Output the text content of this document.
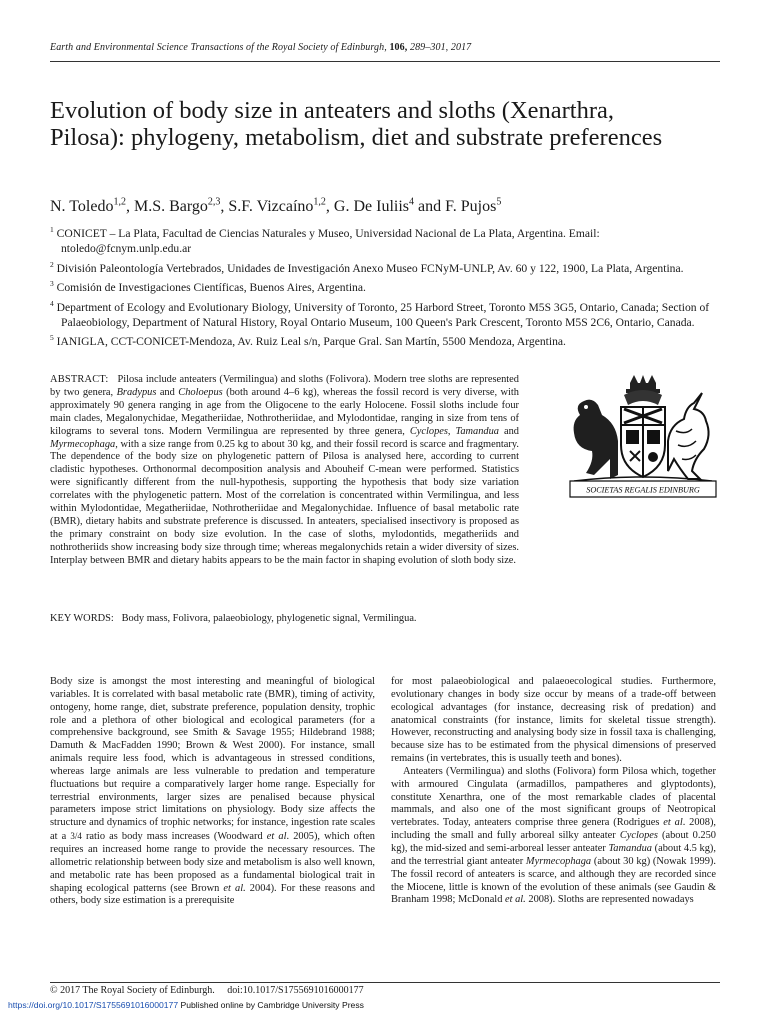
Earth and Environmental Science Transactions of the Royal Society of Edinburgh, 106, 289–301, 2017
Evolution of body size in anteaters and sloths (Xenarthra, Pilosa): phylogeny, metabolism, diet and substrate preferences
N. Toledo$^{1,2}$, M.S. Bargo$^{2,3}$, S.F. Vizcaíno$^{1,2}$, G. De Iuliis$^4$ and F. Pujos$^5$
$^1$ CONICET – La Plata, Facultad de Ciencias Naturales y Museo, Universidad Nacional de La Plata, Argentina. Email: ntoledo@fcnym.unlp.edu.ar
$^2$ División Paleontología Vertebrados, Unidades de Investigación Anexo Museo FCNyM-UNLP, Av. 60 y 122, 1900, La Plata, Argentina.
$^3$ Comisión de Investigaciones Científicas, Buenos Aires, Argentina.
$^4$ Department of Ecology and Evolutionary Biology, University of Toronto, 25 Harbord Street, Toronto M5S 3G5, Ontario, Canada; Section of Palaeobiology, Department of Natural History, Royal Ontario Museum, 100 Queen's Park Crescent, Toronto M5S 2C6, Ontario, Canada.
$^5$ IANIGLA, CCT-CONICET-Mendoza, Av. Ruiz Leal s/n, Parque Gral. San Martín, 5500 Mendoza, Argentina.
ABSTRACT: Pilosa include anteaters (Vermilingua) and sloths (Folivora). Modern tree sloths are represented by two genera, Bradypus and Choloepus (both around 4–6 kg), whereas the fossil record is very diverse, with approximately 90 genera ranging in age from the Oligocene to the early Holocene. Fossil sloths include four main clades, Megalonychidae, Megatheriidae, Nothrotheriidae, and Mylodontidae, ranging in size from tens of kilograms to several tons. Modern Vermilingua are represented by three genera, Cyclopes, Tamandua and Myrmecophaga, with a size range from 0.25 kg to about 30 kg, and their fossil record is scarce and fragmentary. The dependence of the body size on phylogenetic pattern of Pilosa is analysed here, according to current cladistic hypotheses. Orthonormal decomposition analysis and Abouheif C-mean were performed. Statistics were significantly different from the null-hypothesis, supporting the hypothesis that body size variation correlates with the phylogenetic pattern. Most of the correlation is concentrated within Vermilingua, and less within Mylodontidae, Megatheriidae, Nothrotheriidae and Megalonychidae. Influence of basal metabolic rate (BMR), dietary habits and substrate preference is discussed. In anteaters, specialised insectivory is proposed as the primary constraint on body size evolution. In the case of sloths, mylodontids, megatheriids and nothrotheriids show increasing body size through time; whereas megalonychids retain a wider diversity of sizes. Interplay between BMR and dietary habits appears to be the main factor in shaping evolution of sloth body size.
SOCIETAS REGALIS EDINBURG
KEY WORDS: Body mass, Folivora, palaeobiology, phylogenetic signal, Vermilingua.

Body size is amongst the most interesting and meaningful of biological variables. It is correlated with basal metabolic rate (BMR), timing of activity, ontogeny, home range, diet, substrate preference, population density, trophic role and a plethora of other biological and ecological parameters (for a comprehensive background, see Smith & Savage 1955; Hildebrand 1988; Damuth & MacFadden 1990; Brown & West 2000). For instance, small animals require less food, which is advantageous in stressed conditions, whereas large animals are less vulnerable to predation and temperature fluctuations but require a comparatively larger home range. Especially for terrestrial environments, larger sizes are penalised because physical parameters impose strict limitations on physiology. Body size affects the structure and dynamics of trophic networks; for instance, ingestion rate scales at a 3/4 ratio as body mass increases (Woodward et al. 2005), which often requires an increased home range to provide the necessary resources. The allometric relationship between body size and metabolism is also well known, and metabolic rate has been proposed as a fundamental biological trait in shaping ecological patterns (see Brown et al. 2004). For these reasons and others, body size estimation is a prerequisite

for most palaeobiological and palaeoecological studies. Furthermore, evolutionary changes in body size occur by means of a trade-off between ecological advantages (for instance, decreasing risk of predation) and anatomical constraints (for instance, limits for skeletal tissue strength). However, reconstructing and analysing body size in fossil taxa is challenging, because size has to be estimated from the physical dimensions of preserved remains (in vertebrates, this is usually teeth and bones).

Anteaters (Vermilingua) and sloths (Folivora) form Pilosa which, together with armoured Cingulata (armadillos, pampatheres and glyptodonts), constitute Xenarthra, one of the most remarkable clades of placental mammals, and also one of the most significant groups of Neotropical vertebrates. Today, anteaters comprise three genera (Rodrigues et al. 2008), including the small and fully arboreal silky anteater Cyclopes (about 0.250 kg), the mid-sized and semi-arboreal lesser anteater Tamandua (about 4.5 kg), and the terrestrial giant anteater Myrmecophaga (about 30 kg) (Nowak 1999). The fossil record of anteaters is scarce, and although they are recorded since the Miocene, little is known of the evolution of these animals (see Gaudin & Branham 1998; McDonald et al. 2008). Sloths are represented nowadays

© 2017 The Royal Society of Edinburgh. doi:10.1017/S1755691016000177
https://doi.org/10.1017/S1755691016000177 Published online by Cambridge University Press
